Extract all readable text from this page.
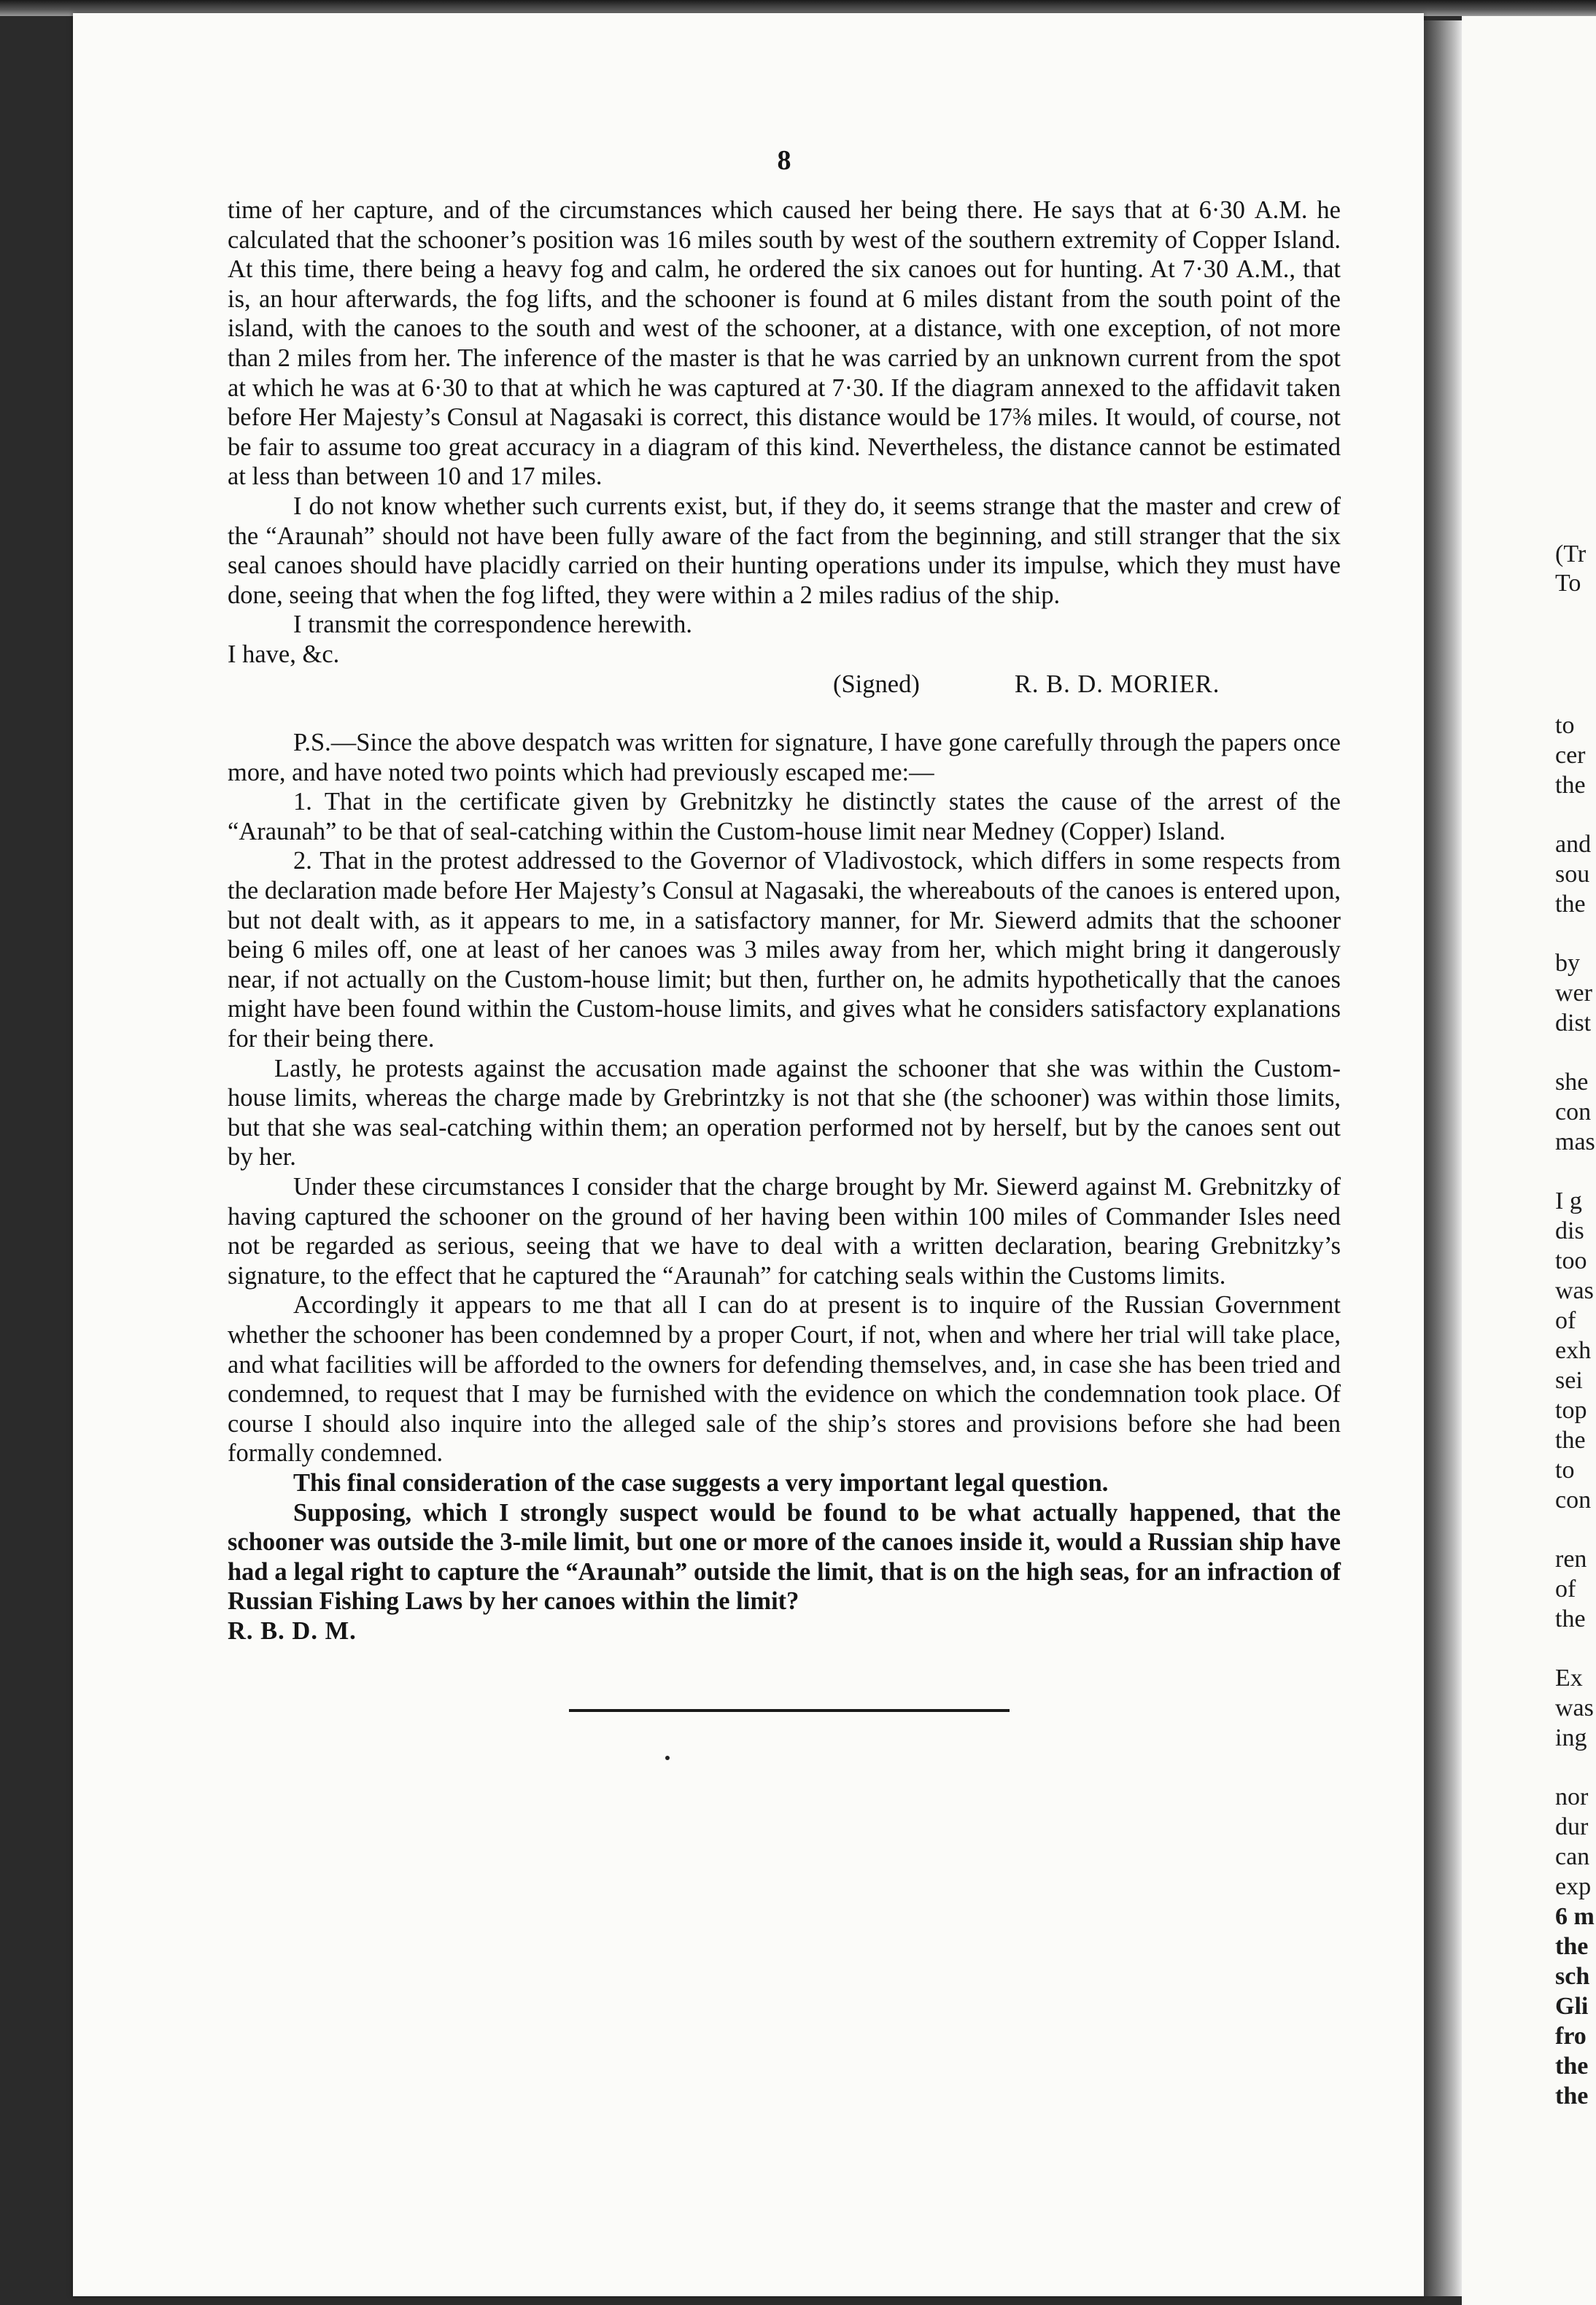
(Tr
To
to
cer
the
and
sou
the
by
wer
dist
she
con
mas
I g
dis
too
was
of
exh
sei
top
the
to
con
ren
of
the
Ex
was
ing
nor
dur
can
exp
6 m
the
sch
Gli
fro
the
the
8

time of her capture, and of the circumstances which caused her being there. He says that at 6·30 A.M. he calculated that the schooner’s position was 16 miles south by west of the southern extremity of Copper Island. At this time, there being a heavy fog and calm, he ordered the six canoes out for hunting. At 7·30 A.M., that is, an hour afterwards, the fog lifts, and the schooner is found at 6 miles distant from the south point of the island, with the canoes to the south and west of the schooner, at a distance, with one exception, of not more than 2 miles from her. The inference of the master is that he was carried by an unknown current from the spot at which he was at 6·30 to that at which he was captured at 7·30. If the diagram annexed to the affidavit taken before Her Majesty’s Consul at Nagasaki is correct, this distance would be 17⅜ miles. It would, of course, not be fair to assume too great accuracy in a diagram of this kind. Nevertheless, the distance cannot be estimated at less than between 10 and 17 miles.

I do not know whether such currents exist, but, if they do, it seems strange that the master and crew of the “Araunah” should not have been fully aware of the fact from the beginning, and still stranger that the six seal canoes should have placidly carried on their hunting operations under its impulse, which they must have done, seeing that when the fog lifted, they were within a 2 miles radius of the ship.

I transmit the correspondence herewith.

I have, &c.

(Signed)	R. B. D. MORIER.

P.S.—Since the above despatch was written for signature, I have gone carefully through the papers once more, and have noted two points which had previously escaped me:—

1. That in the certificate given by Grebnitzky he distinctly states the cause of the arrest of the “Araunah” to be that of seal-catching within the Custom-house limit near Medney (Copper) Island.

2. That in the protest addressed to the Governor of Vladivostock, which differs in some respects from the declaration made before Her Majesty’s Consul at Nagasaki, the whereabouts of the canoes is entered upon, but not dealt with, as it appears to me, in a satisfactory manner, for Mr. Siewerd admits that the schooner being 6 miles off, one at least of her canoes was 3 miles away from her, which might bring it dangerously near, if not actually on the Custom-house limit; but then, further on, he admits hypothetically that the canoes might have been found within the Custom-house limits, and gives what he considers satisfactory explanations for their being there.

Lastly, he protests against the accusation made against the schooner that she was within the Custom-house limits, whereas the charge made by Grebrintzky is not that she (the schooner) was within those limits, but that she was seal-catching within them; an operation performed not by herself, but by the canoes sent out by her.

Under these circumstances I consider that the charge brought by Mr. Siewerd against M. Grebnitzky of having captured the schooner on the ground of her having been within 100 miles of Commander Isles need not be regarded as serious, seeing that we have to deal with a written declaration, bearing Grebnitzky’s signature, to the effect that he captured the “Araunah” for catching seals within the Customs limits.

Accordingly it appears to me that all I can do at present is to inquire of the Russian Government whether the schooner has been condemned by a proper Court, if not, when and where her trial will take place, and what facilities will be afforded to the owners for defending themselves, and, in case she has been tried and condemned, to request that I may be furnished with the evidence on which the condemnation took place. Of course I should also inquire into the alleged sale of the ship’s stores and provisions before she had been formally condemned.

This final consideration of the case suggests a very important legal question.

Supposing, which I strongly suspect would be found to be what actually happened, that the schooner was outside the 3-mile limit, but one or more of the canoes inside it, would a Russian ship have had a legal right to capture the “Araunah” outside the limit, that is on the high seas, for an infraction of Russian Fishing Laws by her canoes within the limit?

R. B. D. M.
